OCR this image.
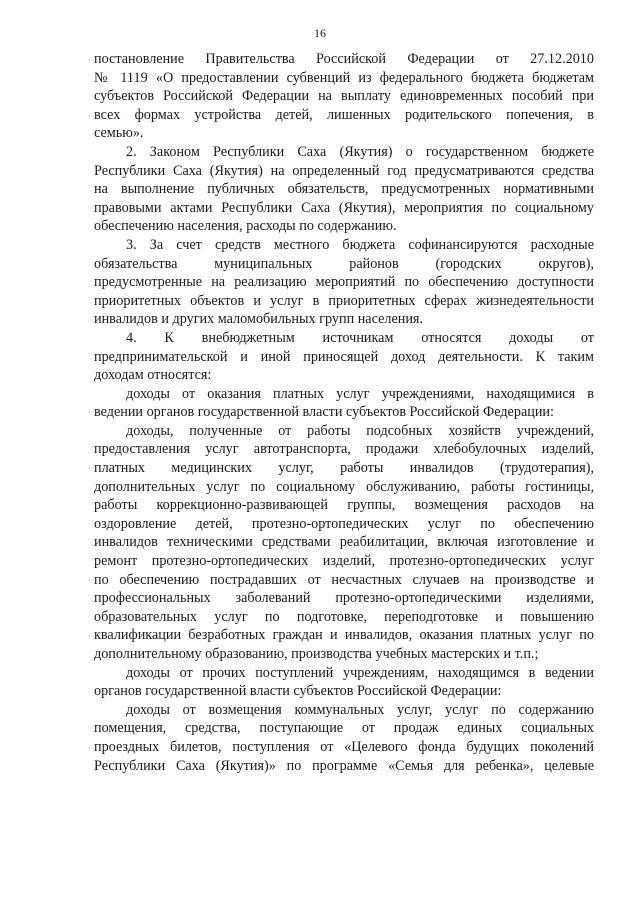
16
постановление Правительства Российской Федерации от 27.12.2010
№ 1119 «О предоставлении субвенций из федерального бюджета бюджетам
субъектов Российской Федерации на выплату единовременных пособий при
всех формах устройства детей, лишенных родительского попечения, в
семью».
2. Законом Республики Саха (Якутия) о государственном бюджете
Республики Саха (Якутия) на определенный год предусматриваются средства
на выполнение публичных обязательств, предусмотренных нормативными
правовыми актами Республики Саха (Якутия), мероприятия по социальному
обеспечению населения, расходы по содержанию.
3. За счет средств местного бюджета софинансируются расходные
обязательства муниципальных районов (городских округов),
предусмотренные на реализацию мероприятий по обеспечению доступности
приоритетных объектов и услуг в приоритетных сферах жизнедеятельности
инвалидов и других маломобильных групп населения.
4. К внебюджетным источникам относятся доходы от
предпринимательской и иной приносящей доход деятельности. К таким
доходам относятся:
доходы от оказания платных услуг учреждениями, находящимися в
ведении органов государственной власти субъектов Российской Федерации:
доходы, полученные от работы подсобных хозяйств учреждений,
предоставления услуг автотранспорта, продажи хлебобулочных изделий,
платных медицинских услуг, работы инвалидов (трудотерапия),
дополнительных услуг по социальному обслуживанию, работы гостиницы,
работы коррекционно-развивающей группы, возмещения расходов на
оздоровление детей, протезно-ортопедических услуг по обеспечению
инвалидов техническими средствами реабилитации, включая изготовление и
ремонт протезно-ортопедических изделий, протезно-ортопедических услуг
по обеспечению пострадавших от несчастных случаев на производстве и
профессиональных заболеваний протезно-ортопедическими изделиями,
образовательных услуг по подготовке, переподготовке и повышению
квалификации безработных граждан и инвалидов, оказания платных услуг по
дополнительному образованию, производства учебных мастерских и т.п.;
доходы от прочих поступлений учреждениям, находящимся в ведении
органов государственной власти субъектов Российской Федерации:
доходы от возмещения коммунальных услуг, услуг по содержанию
помещения, средства, поступающие от продаж единых социальных
проездных билетов, поступления от «Целевого фонда будущих поколений
Республики Саха (Якутия)» по программе «Семья для ребенка», целевые
